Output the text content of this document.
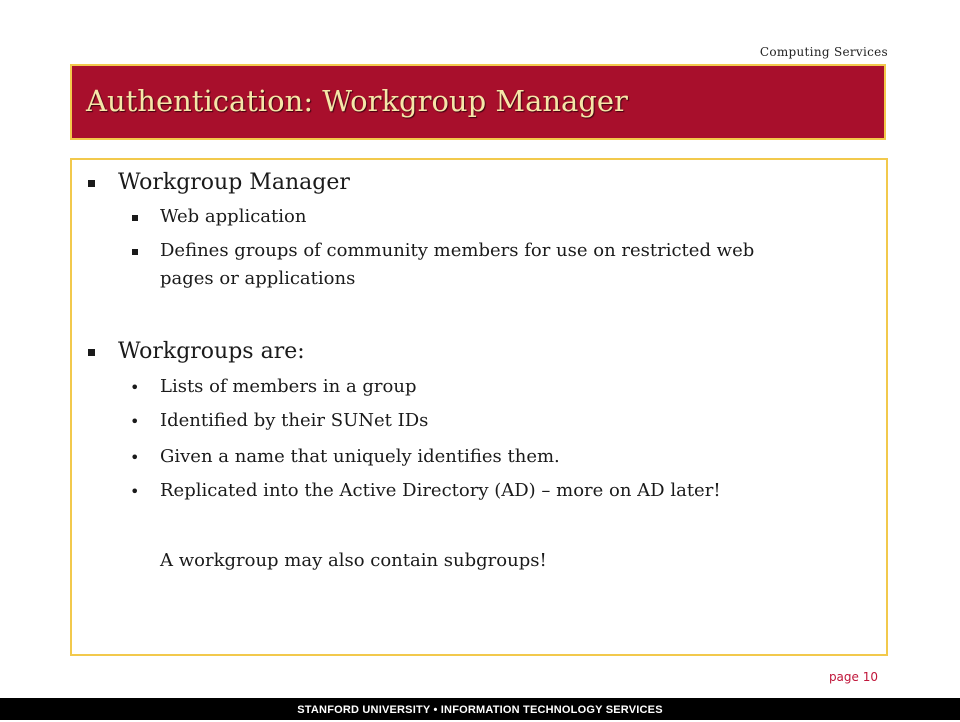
Computing Services
Authentication: Workgroup Manager
Workgroup Manager
Web application
Defines groups of community members for use on restricted web
pages or applications
Workgroups are:
• Lists of members in a group
• Identified by their SUNet IDs
• Given a name that uniquely identifies them.
• Replicated into the Active Directory (AD) – more on AD later!
A workgroup may also contain subgroups!
page 10
STANFORD UNIVERSITY • INFORMATION TECHNOLOGY SERVICES
